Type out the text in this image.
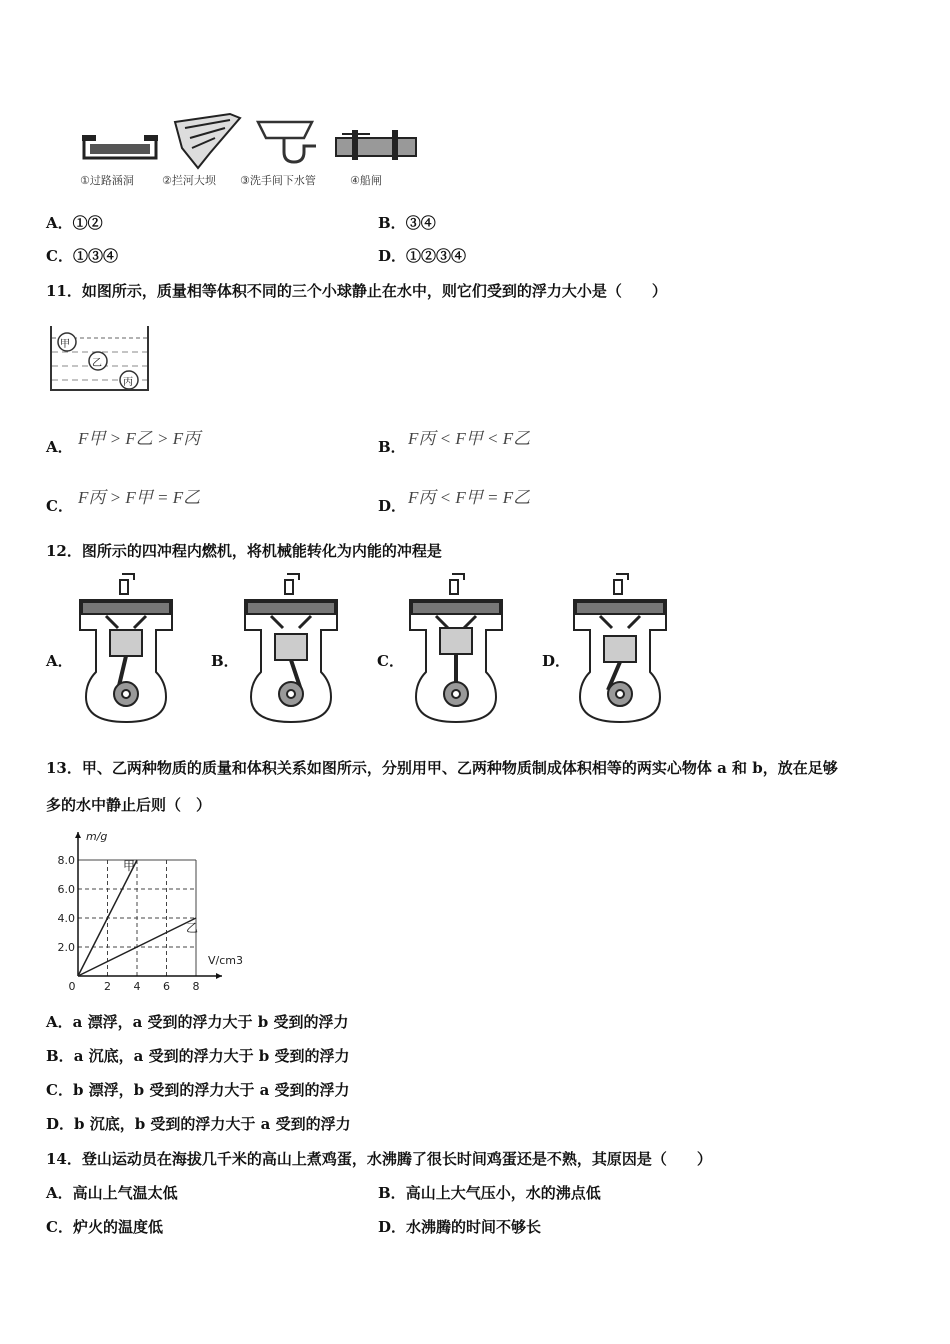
①过路涵洞	②拦河大坝 ③洗手间下水管	④船闸
A．①②	B．③④
C．①③④	D．①②③④
11．如图所示，质量相等体积不同的三个小球静止在水中，则它们受到的浮力大小是（　　）
甲
乙
丙
A． F甲 > F乙 > F丙	B． F丙 < F甲 < F乙
C． F丙 > F甲 = F乙	D． F丙 < F甲 = F乙
12．图所示的四冲程内燃机，将机械能转化为内能的冲程是
A．	B．	C．	D．
13．甲、乙两种物质的质量和体积关系如图所示，分别用甲、乙两种物质制成体积相等的两实心物体 a 和 b，放在足够
多的水中静止后则（　）
2 4 6 8
2.0
4.0
6.0
8.0
0
m/g
V/cm3
甲
乙
A．a 漂浮，a 受到的浮力大于 b 受到的浮力
B．a 沉底，a 受到的浮力大于 b 受到的浮力
C．b 漂浮，b 受到的浮力大于 a 受到的浮力
D．b 沉底，b 受到的浮力大于 a 受到的浮力
14．登山运动员在海拔几千米的高山上煮鸡蛋，水沸腾了很长时间鸡蛋还是不熟，其原因是（　　）
A．高山上气温太低	B．高山上大气压小，水的沸点低
C．炉火的温度低	D．水沸腾的时间不够长
